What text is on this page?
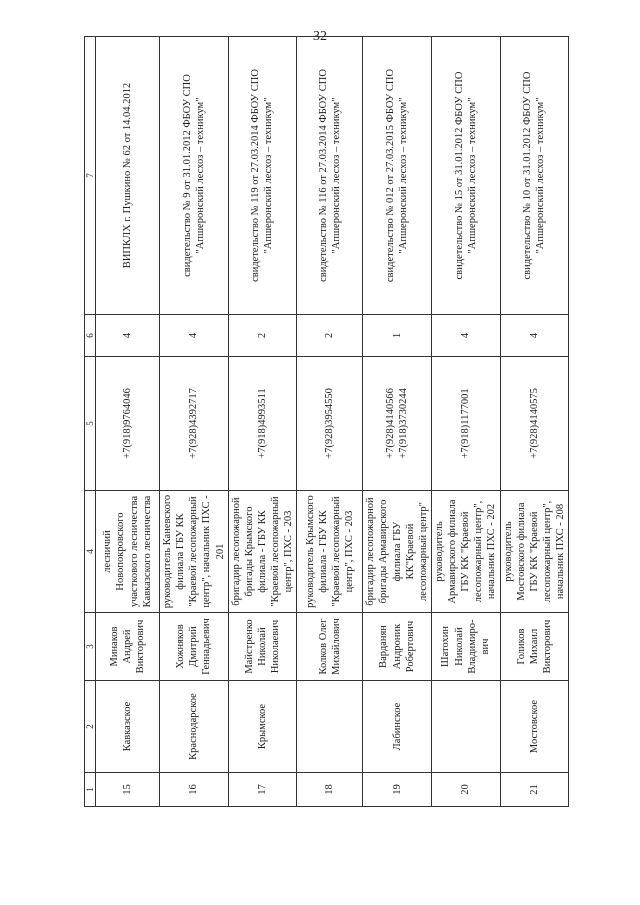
32
1	2	3	4	5	6	7
15	Кавказское	Минаков Андрей Викторович	лесничий Новопокровского участкового лесничества Кавказского лесничества	+7(918)9764046	4	ВИПКЛХ г. Пушкино № 62 от 14.04.2012
16	Краснодарское	Хожняков Дмитрий Геннадьевич	руководитель Каневского филиала ГБУ КК "Краевой лесопожарный центр", начальник ПХС - 201	+7(928)4392717	4	свидетельство № 9 от 31.01.2012 ФБОУ СПО "Апшеронский лесхоз – техникум"
17	Крымское	Майстренко Николай Николаевич	бригадир лесопожарной бригады Крымского филиала - ГБУ КК "Краевой лесопожарный центр", ПХС - 203	+7(918)4993511	2	свидетельство № 119 от 27.03.2014 ФБОУ СПО "Апшеронский лесхоз – техникум"
18		Колков Олег Михайлович	руководитель Крымского филиала - ГБУ КК "Краевой лесопожарный центр", ПХС - 203	+7(928)3954550	2	свидетельство № 116 от 27.03.2014 ФБОУ СПО "Апшеронский лесхоз – техникум"
19	Лабинское	Варданян Андроник Робертович	бригадир лесопожарной бригады Армавирского филиала ГБУ КК"Краевой лесопожарный центр"	+7(928)4140566 +7(918)3730244	1	свидетельство № 012 от 27.03.2015 ФБОУ СПО "Апшеронский лесхоз – техникум"
20		Шатохин Николай Владимиро-вич	руководитель Армавирского филиала ГБУ КК "Краевой лесопожарный центр", начальник ПХС - 202	+7(918)1177001	4	свидетельство № 15 от 31.01.2012 ФБОУ СПО "Апшеронский лесхоз – техникум"
21	Мостовское	Голиков Михаил Викторович	руководитель Мостовского филиала ГБУ КК "Краевой лесопожарный центр", начальник ПХС - 208	+7(928)4140575	4	свидетельство № 10 от 31.01.2012 ФБОУ СПО "Апшеронский лесхоз – техникум"
